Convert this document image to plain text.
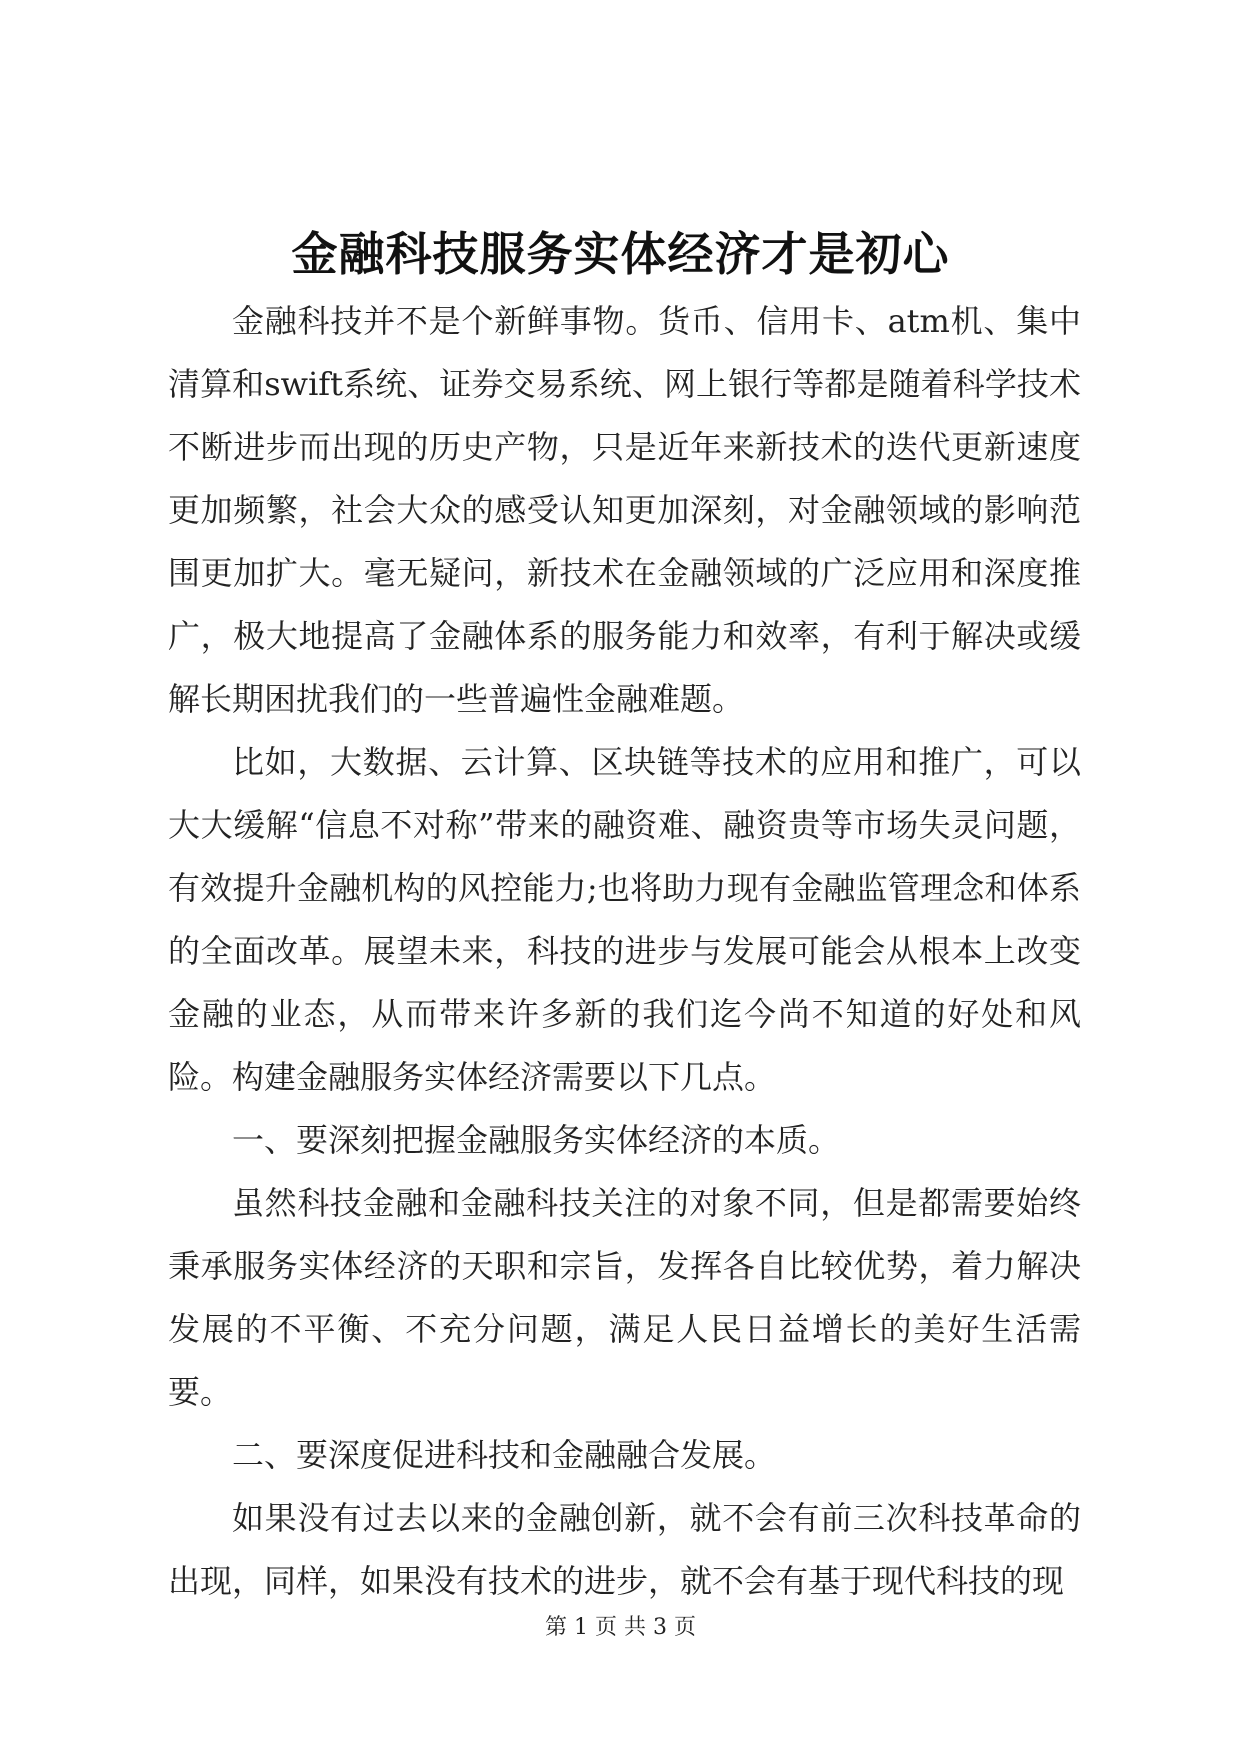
金融科技服务实体经济才是初心

金融科技并不是个新鲜事物。货币、信用卡、atm机、集中清算和swift系统、证券交易系统、网上银行等都是随着科学技术不断进步而出现的历史产物，只是近年来新技术的迭代更新速度更加频繁，社会大众的感受认知更加深刻，对金融领域的影响范围更加扩大。毫无疑问，新技术在金融领域的广泛应用和深度推广，极大地提高了金融体系的服务能力和效率，有利于解决或缓解长期困扰我们的一些普遍性金融难题。

比如，大数据、云计算、区块链等技术的应用和推广，可以大大缓解“信息不对称”带来的融资难、融资贵等市场失灵问题，有效提升金融机构的风控能力;也将助力现有金融监管理念和体系的全面改革。展望未来，科技的进步与发展可能会从根本上改变金融的业态，从而带来许多新的我们迄今尚不知道的好处和风险。构建金融服务实体经济需要以下几点。

一、要深刻把握金融服务实体经济的本质。

虽然科技金融和金融科技关注的对象不同，但是都需要始终秉承服务实体经济的天职和宗旨，发挥各自比较优势，着力解决发展的不平衡、不充分问题，满足人民日益增长的美好生活需要。

二、要深度促进科技和金融融合发展。

如果没有过去以来的金融创新，就不会有前三次科技革命的出现，同样，如果没有技术的进步，就不会有基于现代科技的现

第 1 页 共 3 页
